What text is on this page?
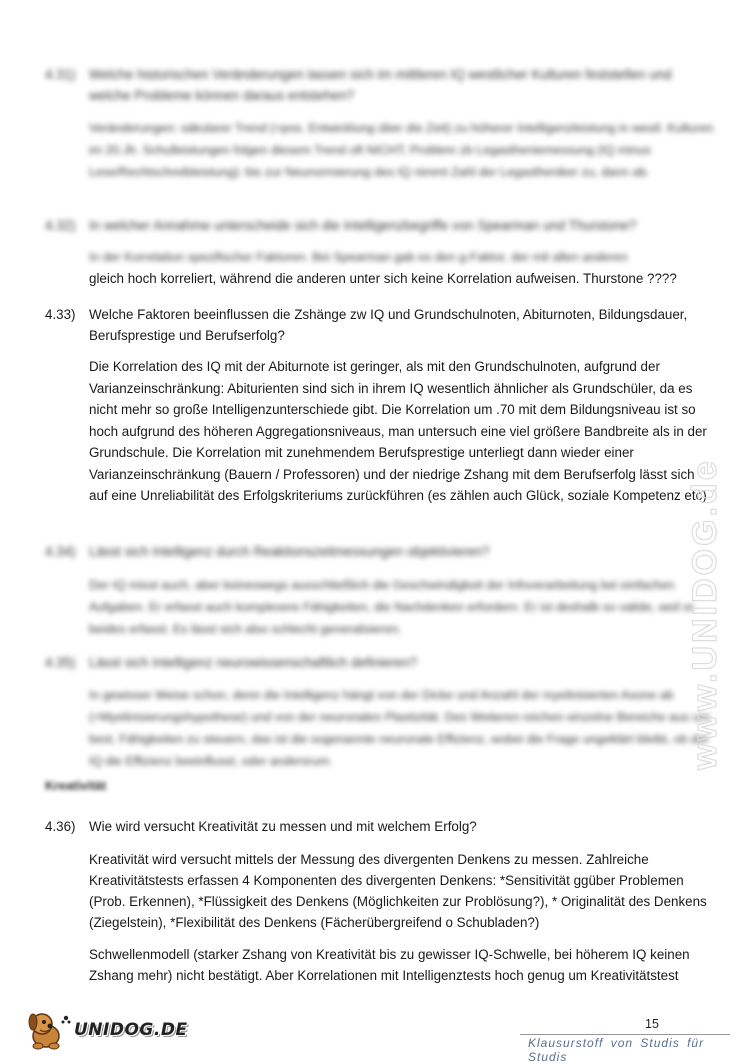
4.31)	Welche historischen Veränderungen lassen sich im mittleren IQ westlicher Kulturen feststellen und welche Probleme können daraus entstehen?
Veränderungen: säkularer Trend (=pos. Entwicklung über die Zeit) zu höherer Intelligenzleistung in westl. Kulturen im 20.Jh. Schulleistungen folgen diesem Trend oft NICHT; Problem zb Legastheniemessung (IQ minus Lese/Rechtschreibleistung): bis zur Neunormierung des IQ nimmt Zahl der Legastheniker zu, dann ab.
4.32)	In welcher Annahme unterscheide sich die Intelligenzbegriffe von Spearman und Thurstone?
In der Korrelation spezifischer Faktoren. Bei Spearman gab es den g-Faktor, der mit allen anderen
gleich hoch korreliert, während die anderen unter sich keine Korrelation aufweisen. Thurstone ????
4.33)	Welche Faktoren beeinflussen die Zshänge zw IQ und Grundschulnoten, Abiturnoten, Bildungsdauer, Berufsprestige und Berufserfolg?
Die Korrelation des IQ mit der Abiturnote ist geringer, als mit den Grundschulnoten, aufgrund der Varianzeinschränkung: Abiturienten sind sich in ihrem IQ wesentlich ähnlicher als Grundschüler, da es nicht mehr so große Intelligenzunterschiede gibt. Die Korrelation um .70 mit dem Bildungsniveau ist so hoch aufgrund des höheren Aggregationsniveaus, man untersuch eine viel größere Bandbreite als in der Grundschule. Die Korrelation mit zunehmendem Berufsprestige unterliegt dann wieder einer Varianzeinschränkung (Bauern / Professoren) und der niedrige Zshang mit dem Berufserfolg lässt sich auf eine Unreliabilität des Erfolgskriteriums zurückführen (es zählen auch Glück, soziale Kompetenz etc)
4.34)	Lässt sich Intelligenz durch Reaktionszeitmessungen objektivieren?
Der IQ misst auch, aber keineswegs ausschließlich die Geschwindigkeit der Infoverarbeitung bei einfachen Aufgaben. Er erfasst auch komplexere Fähigkeiten, die Nachdenken erfordern. Er ist deshalb so valide, weil er beides erfasst. Es lässt sich also schlecht generalisieren.
4.35)	Lässt sich Intelligenz neurowissenschaftlich definieren?
In gewisser Weise schon, denn die Intelligenz hängt von der Dicke und Anzahl der myelinisierten Axone ab (=Myelinisierungshypothese) und von der neuronalen Plastizität. Des Weiteren reichen einzelne Bereiche aus um best. Fähigkeiten zu steuern, das ist die sogenannte neuronale Effizienz, wobei die Frage ungeklärt bleibt, ob der IQ die Effizienz beeinflusst, oder andersrum.
Kreativität
4.36)	Wie wird versucht Kreativität zu messen und mit welchem Erfolg?
Kreativität wird versucht mittels der Messung des divergenten Denkens zu messen. Zahlreiche Kreativitätstests erfassen 4 Komponenten des divergenten Denkens: *Sensitivität ggüber Problemen (Prob. Erkennen), *Flüssigkeit des Denkens (Möglichkeiten zur Problösung?), * Originalität des Denkens (Ziegelstein), *Flexibilität des Denkens (Fächerübergreifend o Schubladen?)
Schwellenmodell (starker Zshang von Kreativität bis zu gewisser IQ-Schwelle, bei höherem IQ keinen Zshang mehr) nicht bestätigt. Aber Korrelationen mit Intelligenztests hoch genug um Kreativitätstest
www.UNIDOG.de
UNIDOG.DE	15
Klausurstoff von Studis für Studis
